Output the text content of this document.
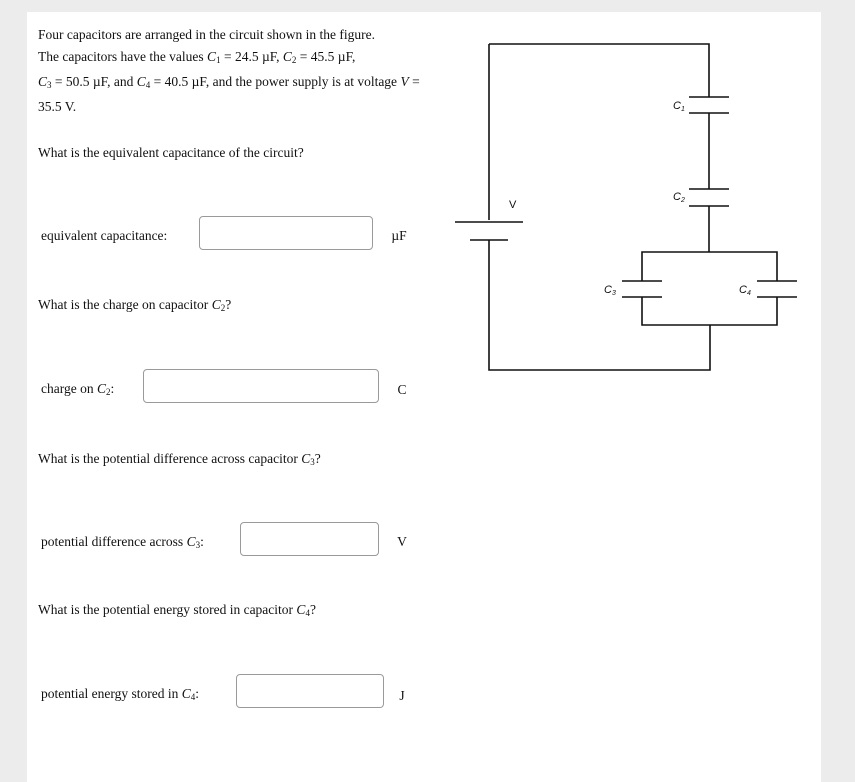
Four capacitors are arranged in the circuit shown in the figure.

The capacitors have the values $C_1 = 24.5$ µF, $C_2 = 45.5$ µF,

$C_3 = 50.5$ µF, and $C_4 = 40.5$ µF, and the power supply is at voltage V = 35.5 V.

What is the equivalent capacitance of the circuit?
equivalent capacitance:	µF
What is the charge on capacitor $C_2$?
charge on $C_2$:	C
What is the potential difference across capacitor $C_3$?
potential difference across $C_3$:	V
What is the potential energy stored in capacitor $C_4$?
potential energy stored in $C_4$:	J
V
C1
C2
C3	C4
